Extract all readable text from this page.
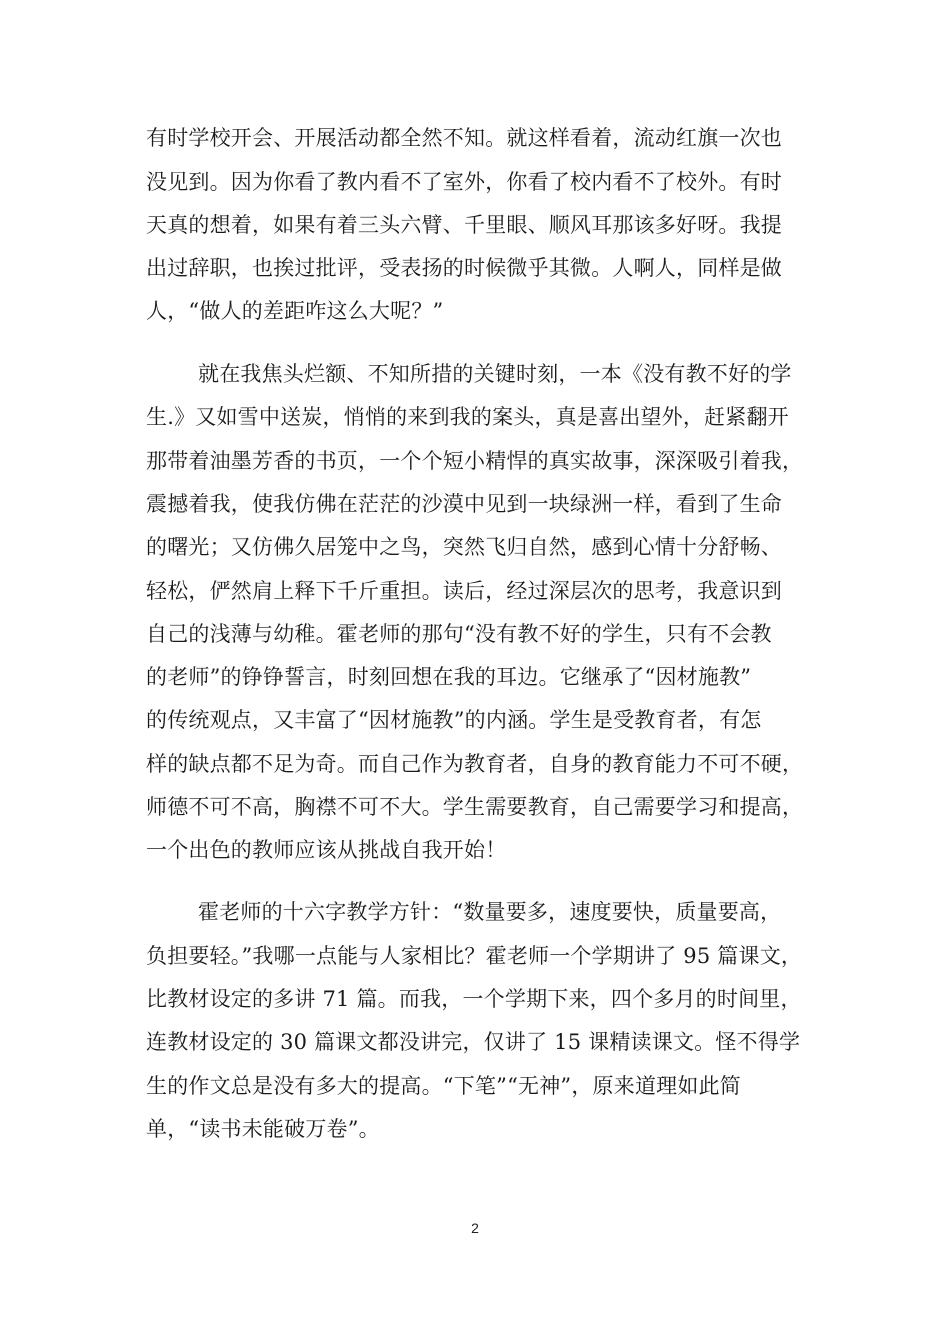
有时学校开会、开展活动都全然不知。就这样看着，流动红旗一次也
没见到。因为你看了教内看不了室外，你看了校内看不了校外。有时
天真的想着，如果有着三头六臂、千里眼、顺风耳那该多好呀。我提
出过辞职，也挨过批评，受表扬的时候微乎其微。人啊人，同样是做
人，“做人的差距咋这么大呢？”
就在我焦头烂额、不知所措的关键时刻，一本《没有教不好的学
生.》又如雪中送炭，悄悄的来到我的案头，真是喜出望外，赶紧翻开
那带着油墨芳香的书页，一个个短小精悍的真实故事，深深吸引着我，
震撼着我，使我仿佛在茫茫的沙漠中见到一块绿洲一样，看到了生命
的曙光；又仿佛久居笼中之鸟，突然飞归自然，感到心情十分舒畅、
轻松，俨然肩上释下千斤重担。读后，经过深层次的思考，我意识到
自己的浅薄与幼稚。霍老师的那句“没有教不好的学生，只有不会教
的老师”的铮铮誓言，时刻回想在我的耳边。它继承了“因材施教”
的传统观点，又丰富了“因材施教”的内涵。学生是受教育者，有怎
样的缺点都不足为奇。而自己作为教育者，自身的教育能力不可不硬，
师德不可不高，胸襟不可不大。学生需要教育，自己需要学习和提高，
一个出色的教师应该从挑战自我开始！
霍老师的十六字教学方针：“数量要多，速度要快，质量要高，
负担要轻。”我哪一点能与人家相比？霍老师一个学期讲了 95 篇课文，
比教材设定的多讲 71 篇。而我，一个学期下来，四个多月的时间里，
连教材设定的 30 篇课文都没讲完，仅讲了 15 课精读课文。怪不得学
生的作文总是没有多大的提高。“下笔”“无神”，原来道理如此简
单，“读书未能破万卷”。
2
